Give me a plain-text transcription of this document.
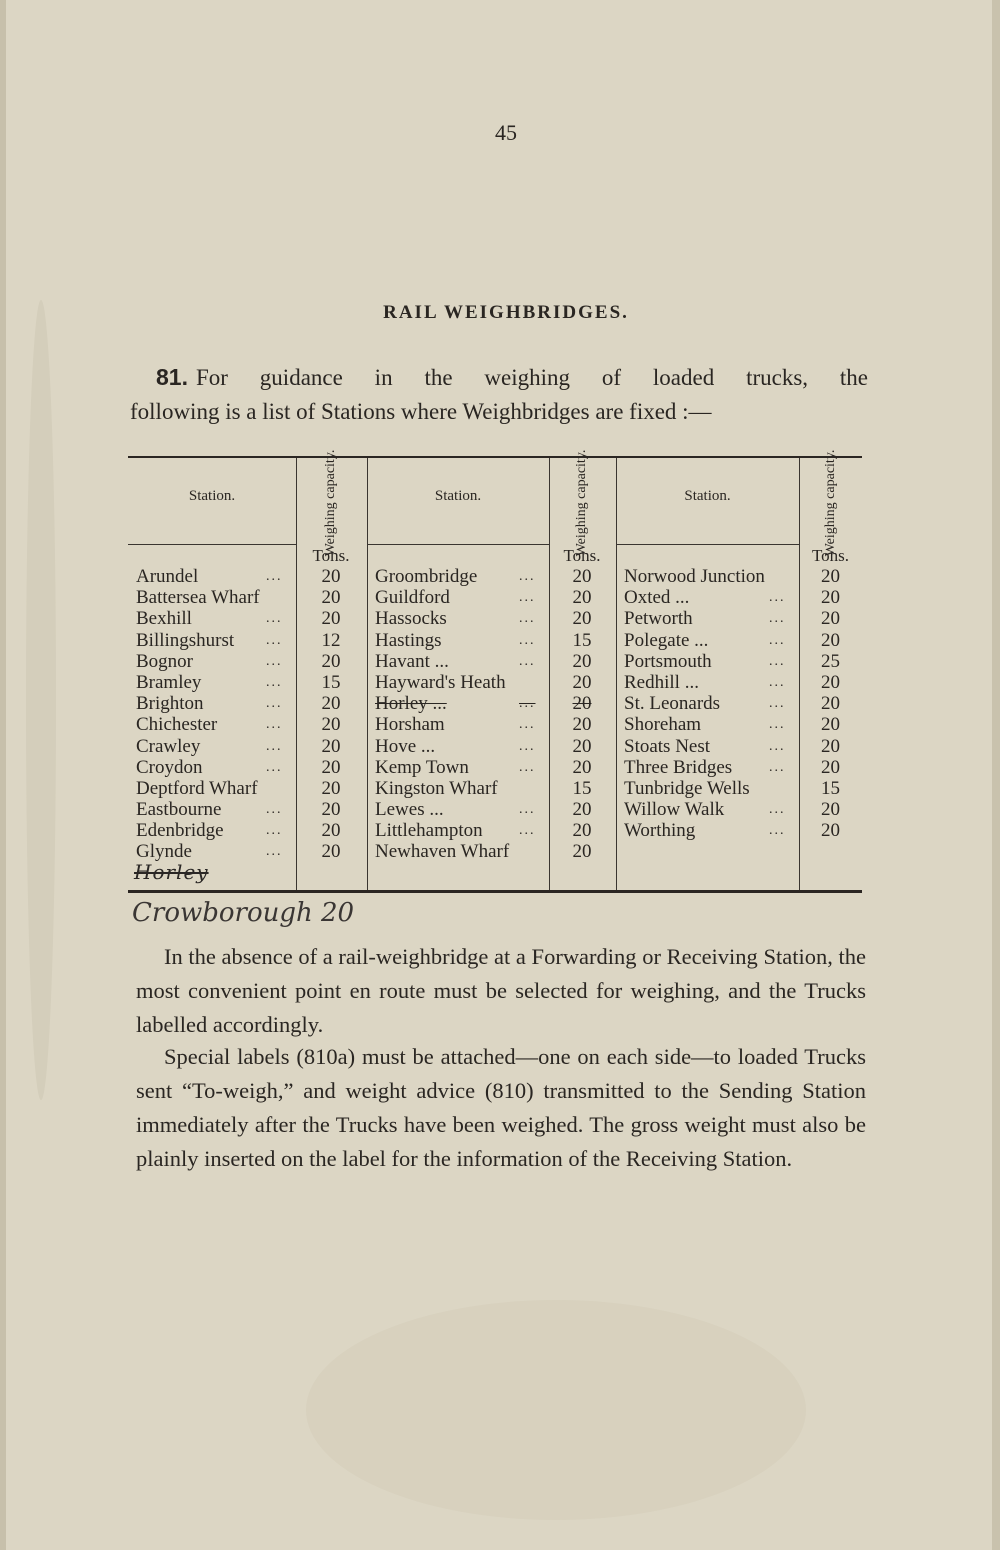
45
RAIL WEIGHBRIDGES.
81. For guidance in the weighing of loaded trucks, the
following is a list of Stations where Weighbridges are fixed :—
Station.	Weighing capacity.
Tons.
Arundel	...	20
Battersea Wharf	20
Bexhill	...	20
Billingshurst ...	12
Bognor	...	20
Bramley	...	15
Brighton	...	20
Chichester	...	20
Crawley	...	20
Croydon	...	20
Deptford Wharf	20
Eastbourne	...	20
Edenbridge	...	20
Glynde	...	20
Station.	Weighing capacity.
Tons.
Groombridge	...	20
Guildford	...	20
Hassocks	...	20
Hastings	...	15
Havant ...	...	20
Hayward's Heath	20
Horley ...	...	20
Horsham	...	20
Hove ...	...	20
Kemp Town	...	20
Kingston Wharf	15
Lewes ...	...	20
Littlehampton	...	20
Newhaven Wharf	20
Station.	Weighing capacity.
Tons.
Norwood Junction	20
Oxted ...	...	20
Petworth	...	20
Polegate ...	...	20
Portsmouth	...	25
Redhill ...	...	20
St. Leonards	...	20
Shoreham	...	20
Stoats Nest	...	20
Three Bridges	...	20
Tunbridge Wells	15
Willow Walk	...	20
Worthing	...	20
Horley
Crowborough 20
In the absence of a rail-weighbridge at a Forwarding or Receiving Station, the most convenient point en route must be selected for weighing, and the Trucks labelled accordingly.
Special labels (810a) must be attached—one on each side—to loaded Trucks sent “To-weigh,” and weight advice (810) transmitted to the Sending Station immediately after the Trucks have been weighed. The gross weight must also be plainly inserted on the label for the information of the Receiving Station.
